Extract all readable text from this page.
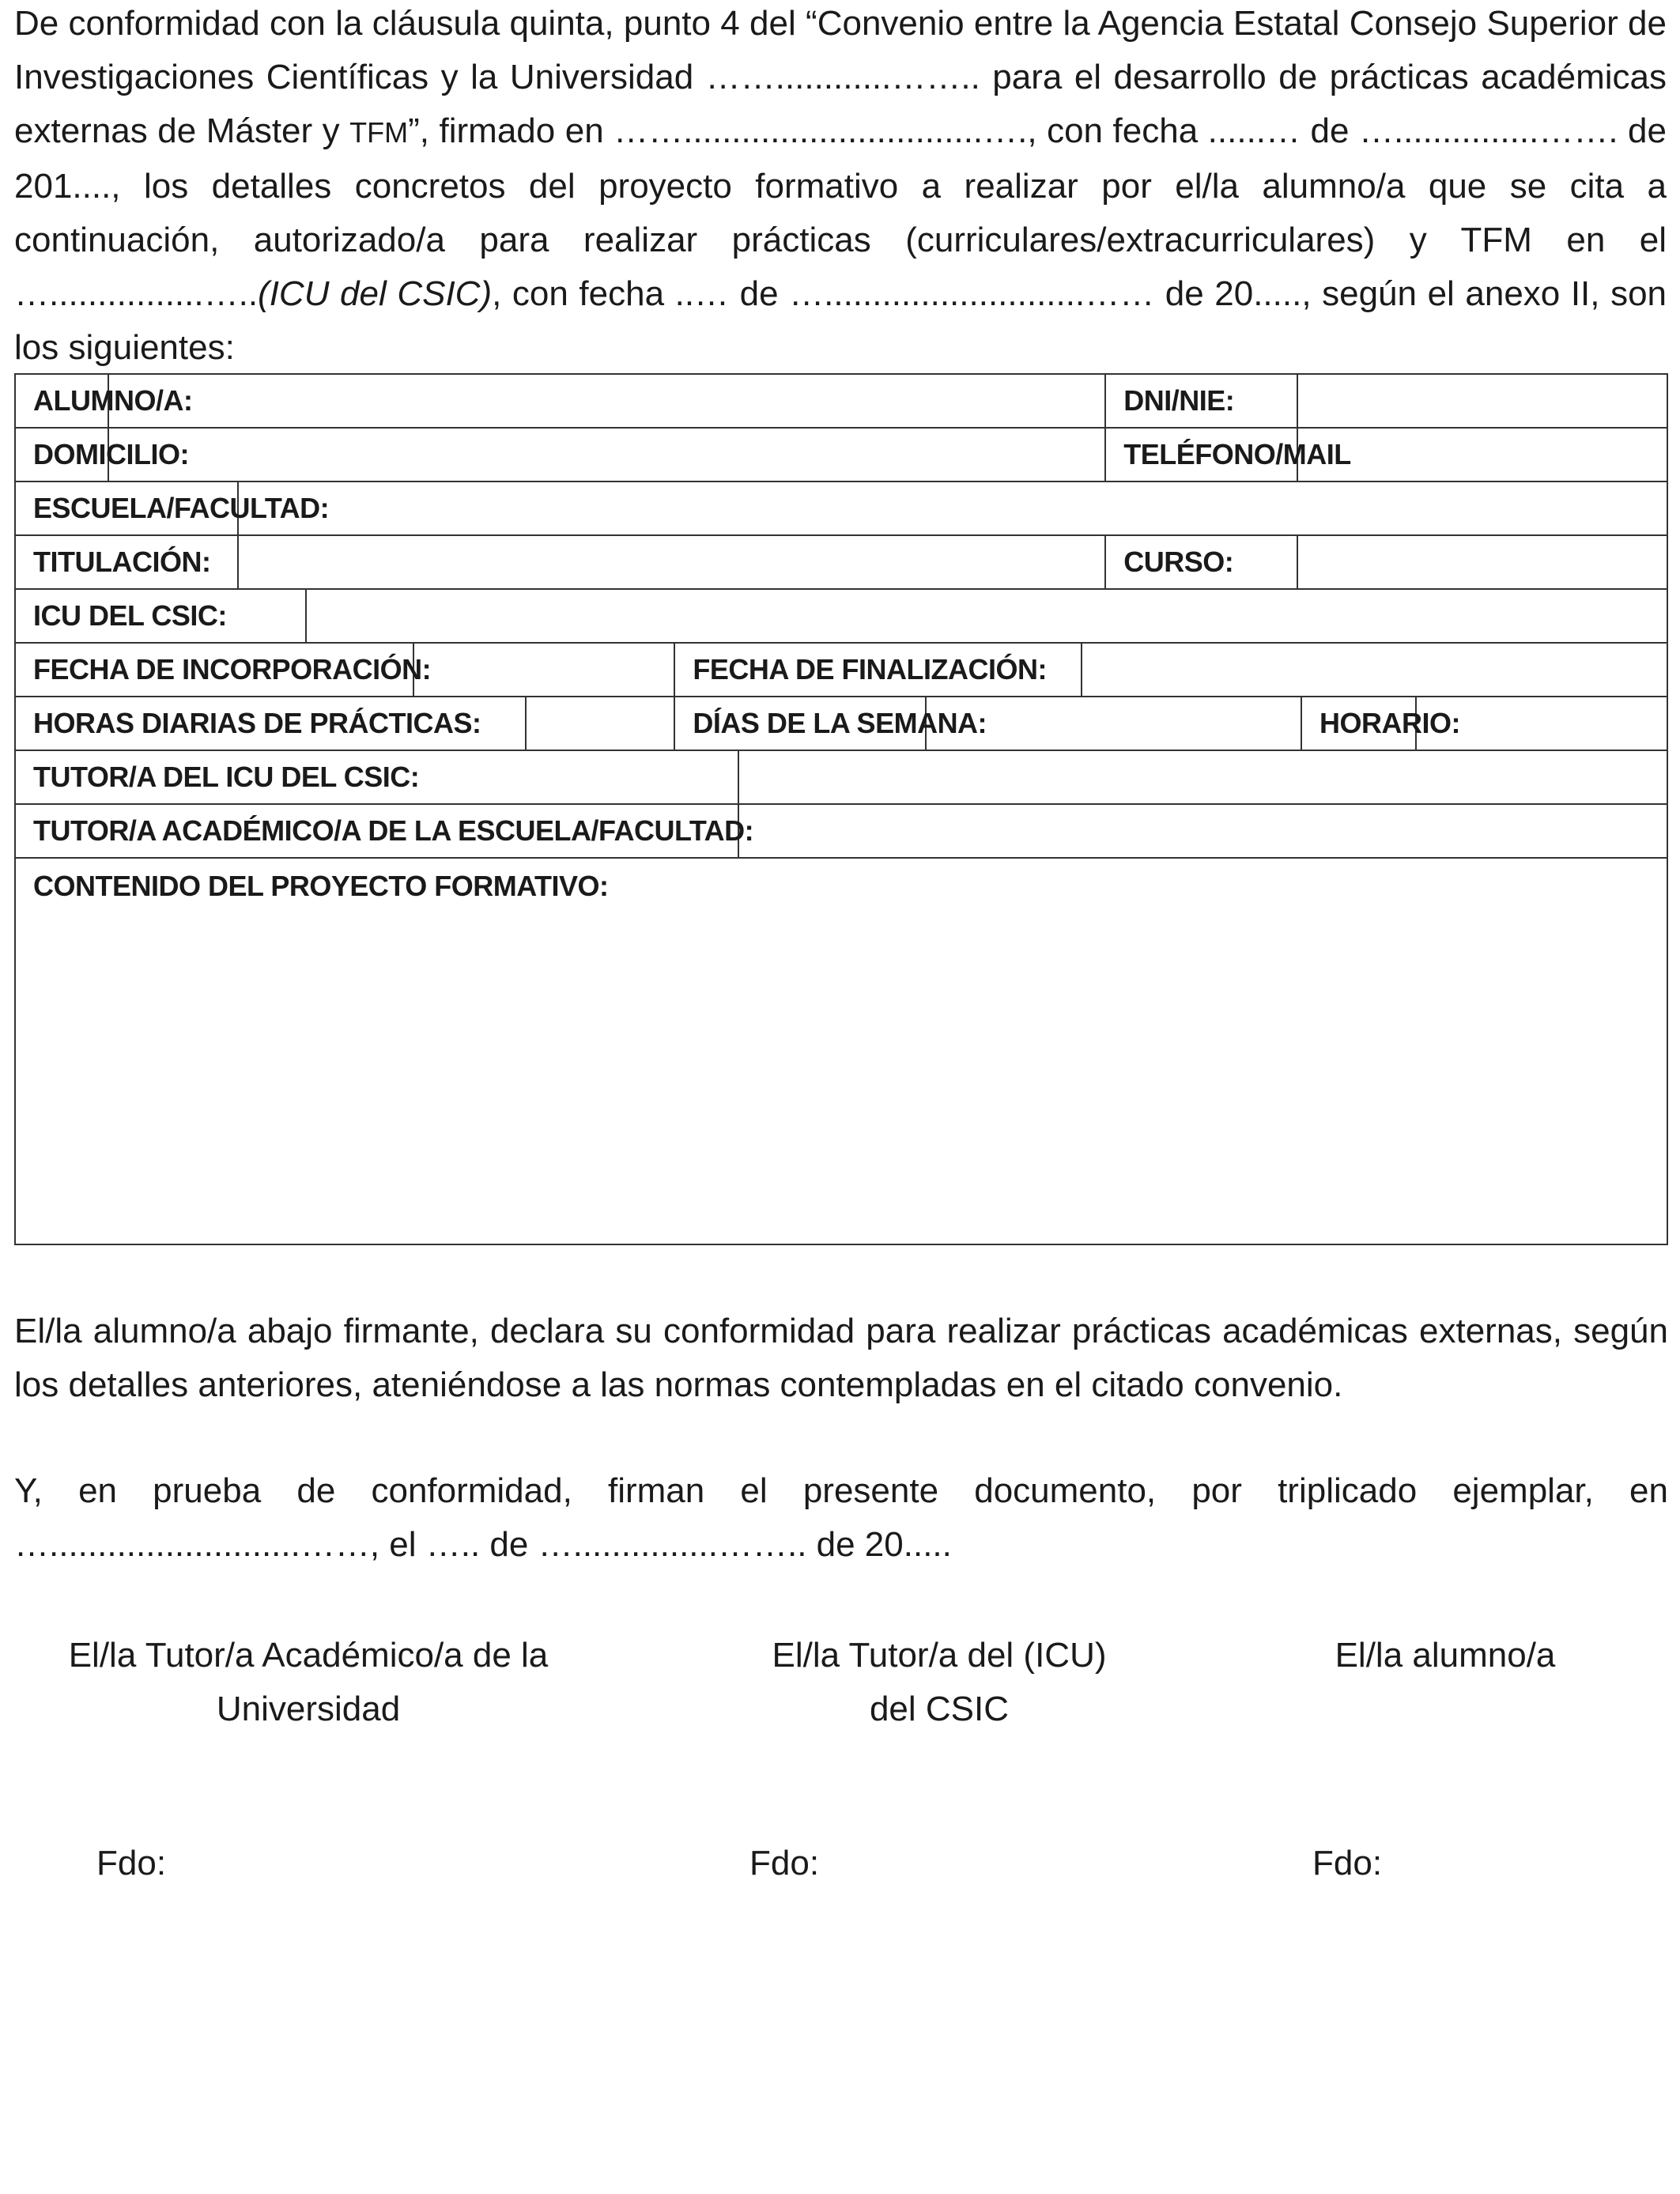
De conformidad con la cláusula quinta, punto 4 del “Convenio entre la Agencia Estatal Consejo Superior de Investigaciones Científicas y la Universidad ……............…….. para el desarrollo de prácticas académicas externas de Máster y TFM”, firmado en ……...............................…., con fecha ......… de …...............……. de 201...., los detalles concretos del proyecto formativo a realizar por el/la alumno/a que se cita a continuación, autorizado/a para realizar prácticas (curriculares/extracurriculares) y TFM en el …................…..(ICU del CSIC), con fecha ..… de …...........................…… de 20....., según el anexo II, son los siguientes:
ALUMNO/A:										DNI/NIE:			
DOMICILIO:										TELÉFONO/MAIL			
ESCUELA/FACULTAD:													
TITULACIÓN:										CURSO:			
ICU DEL CSIC:													
FECHA DE INCORPORACIÓN:						FECHA DE FINALIZACIÓN:							
HORAS DIARIAS DE PRÁCTICAS:						DÍAS DE LA SEMANA:						HORARIO:	
TUTOR/A DEL ICU DEL CSIC:													
TUTOR/A ACADÉMICO/A DE LA ESCUELA/FACULTAD:													
CONTENIDO DEL PROYECTO FORMATIVO:													
El/la alumno/a abajo firmante, declara su conformidad para realizar prácticas académicas externas, según los detalles anteriores, ateniéndose a las normas contempladas en el citado convenio.
Y, en prueba de conformidad, firman el presente documento, por triplicado ejemplar, en …..........................……, el ….. de …...............…….. de 20.....
El/la Tutor/a Académico/a de la
Universidad
El/la Tutor/a del (ICU)
del CSIC
El/la alumno/a
Fdo:	Fdo:	Fdo:
